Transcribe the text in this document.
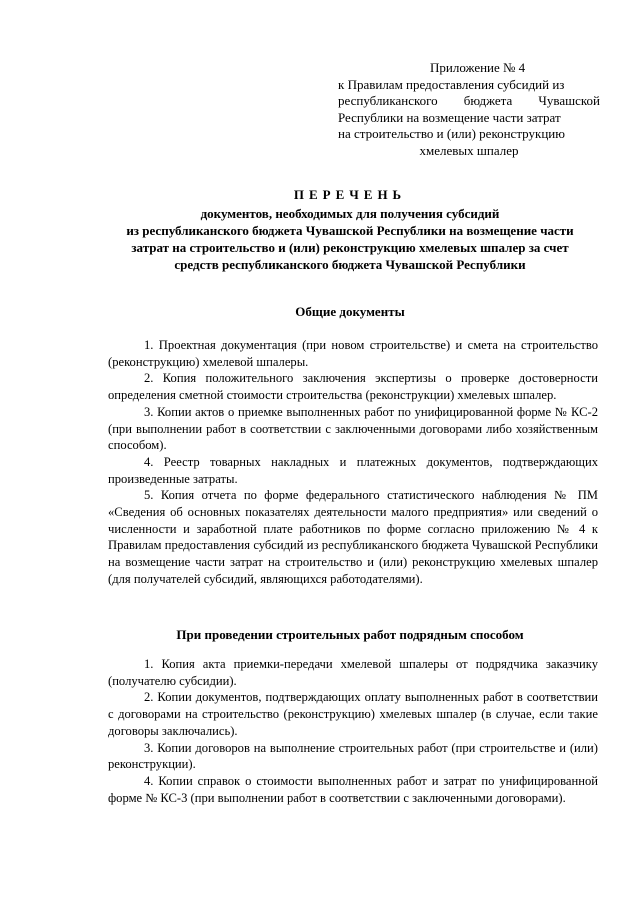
Приложение № 4
к Правилам предоставления субсидий из
республиканского бюджета Чувашской
Республики на возмещение части затрат
на строительство и (или) реконструкцию
хмелевых шпалер
ПЕРЕЧЕНЬ
документов, необходимых для получения субсидий
из республиканского бюджета Чувашской Республики на возмещение части
затрат на строительство и (или) реконструкцию хмелевых шпалер за счет
средств республиканского бюджета Чувашской Республики
Общие документы

1. Проектная документация (при новом строительстве) и смета на строительство (реконструкцию) хмелевой шпалеры.

2. Копия положительного заключения экспертизы о проверке достоверности определения сметной стоимости строительства (реконструкции) хмелевых шпалер.

3. Копии актов о приемке выполненных работ по унифицированной форме № КС-2 (при выполнении работ в соответствии с заключенными договорами либо хозяйственным способом).

4. Реестр товарных накладных и платежных документов, подтверждающих произведенные затраты.

5. Копия отчета по форме федерального статистического наблюдения № ПМ «Сведения об основных показателях деятельности малого предприятия» или сведений о численности и заработной плате работников по форме согласно приложению № 4 к Правилам предоставления субсидий из республиканского бюджета Чувашской Республики на возмещение части затрат на строительство и (или) реконструкцию хмелевых шпалер (для получателей субсидий, являющихся работодателями).

При проведении строительных работ подрядным способом

1. Копия акта приемки-передачи хмелевой шпалеры от подрядчика заказчику (получателю субсидии).

2. Копии документов, подтверждающих оплату выполненных работ в соответствии с договорами на строительство (реконструкцию) хмелевых шпалер (в случае, если такие договоры заключались).

3. Копии договоров на выполнение строительных работ (при строительстве и (или) реконструкции).

4. Копии справок о стоимости выполненных работ и затрат по унифицированной форме № КС-3 (при выполнении работ в соответствии с заключенными договорами).
